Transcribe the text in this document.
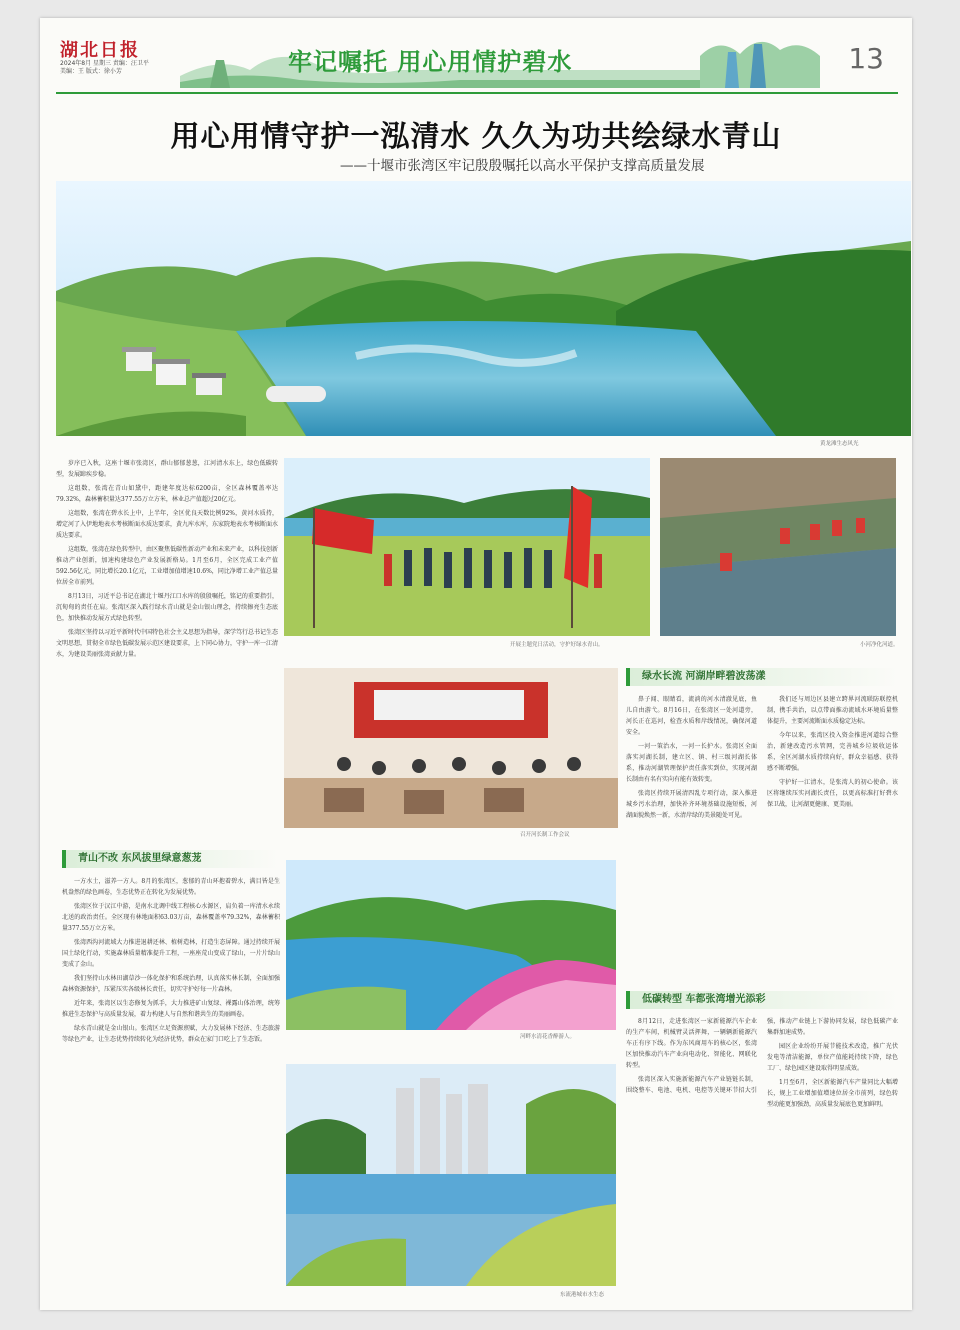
湖北日报
2024年8月 星期三 责编：汪卫平 美编：王 版式：徐小芳	牢记嘱托 用心用情护碧水	13
用心用情守护一泓清水 久久为功共绘绿水青山
——十堰市张湾区牢记殷殷嘱托以高水平保护支撑高质量发展
黄龙滩生态风光

岁序已入秋，这座十堰市张湾区，群山郁郁葱葱，江河清水东上，绿色低碳转型，发展蹄疾步稳。

这组数，张湾在青山如黛中，距建年度达标6200亩，全区森林覆盖率达79.32%，森林蓄积量达377.55万立方米，林业总产值超过20亿元。

这组数，张湾在碧水长上中，上半年，全区优良天数比例92%，黄河水质持，增定河了入伊地地表水考核断面水质达要求，黄九库水库，东家院地表水考核断面水质达要求。

这组数，张湾在绿色转型中，由区聚焦低碳性新动产业和未来产业，以科技创新推动产业创新，加速构建绿色产业发展新格局。1月至6月，全区完成工业产值592.56亿元，同比增长20.1亿元，工业增加值增速10.6%，同比净增工业产值总量位居全市前列。

8月13日，习近平总书记在湖北十堰丹江口水库的殷殷嘱托，铭记的重要指引，沉甸甸的责任在肩。张湾区深入践行绿水青山就是金山银山理念，持续擦亮生态底色，加快推动发展方式绿色转型。

张湾区坚持以习近平新时代中国特色社会主义思想为指导，深学笃行总书记生态文明思想，贯彻全市绿色低碳发展示范区建设要求，上下同心协力，守护一库一江清水，为建设美丽张湾贡献力量。

开展主题党日活动，守护好绿水青山。	小河净化河道。
召开河长制工作会议
绿水长流 河湖岸畔碧波荡漾

鼻子闻、眼睛看，流淌的河水清澈见底，鱼儿自由游弋。8月16日，在张湾区一处河道旁，河长正在巡河，检查水质和岸线情况，确保河道安全。

一河一策治水，一河一长护水。张湾区全面落实河湖长制，建立区、镇、村三级河湖长体系，推动河湖管理保护责任落实到位，实现河湖长制由有名有实向有能有效转变。

张湾区持续开展清四乱专项行动，深入推进城乡污水治理，加快补齐环境基础设施短板，河湖面貌焕然一新，水清岸绿的美景随处可见。

我们还与周边区县建立跨界河流联防联控机制，携手共治，以点带面推动流域水环境质量整体提升，主要河流断面水质稳定达标。

今年以来，张湾区投入资金推进河道综合整治，新建改造污水管网，完善城乡垃圾收运体系，全区河湖水质持续向好，群众幸福感、获得感不断增强。

守护好一江清水，是张湾人的初心使命。该区将继续压实河湖长责任，以更高标准打好碧水保卫战，让河湖更健康、更美丽。

青山不改 东风拔里绿意葱茏

一方水土，滋养一方人。8月的张湾区，葱郁的青山环抱着碧水，满目皆是生机盎然的绿色画卷，生态优势正在转化为发展优势。

张湾区位于汉江中游，是南水北调中线工程核心水源区，肩负着一库清水永续北送的政治责任。全区现有林地面积63.03万亩，森林覆盖率79.32%，森林蓄积量377.55万立方米。

张湾西沟河流域大力推进退耕还林、植树造林，打造生态屏障。通过持续开展国土绿化行动，实施森林质量精准提升工程，一座座荒山变成了绿山，一片片绿山变成了金山。

我们坚持山水林田湖草沙一体化保护和系统治理，认真落实林长制，全面加强森林资源保护，压紧压实各级林长责任，切实守护好每一片森林。

近年来，张湾区以生态修复为抓手，大力推进矿山复绿、裸露山体治理，统筹推进生态保护与高质量发展，着力构建人与自然和谐共生的美丽画卷。

绿水青山就是金山银山。张湾区立足资源禀赋，大力发展林下经济、生态旅游等绿色产业，让生态优势持续转化为经济优势，群众在家门口吃上了生态饭。	河畔水清花香醉游人。
低碳转型 车都张湾增光添彩

8月12日，走进张湾区一家新能源汽车企业的生产车间，机械臂灵活挥舞，一辆辆新能源汽车正有序下线。作为东风商用车的核心区，张湾区加快推动汽车产业向电动化、智能化、网联化转型。

张湾区深入实施新能源汽车产业链链长制，围绕整车、电池、电机、电控等关键环节招大引强，推动产业链上下游协同发展，绿色低碳产业集群加速成势。

园区企业纷纷开展节能技术改造，推广光伏发电等清洁能源，单位产值能耗持续下降，绿色工厂、绿色园区建设取得明显成效。

1月至6月，全区新能源汽车产量同比大幅增长，规上工业增加值增速位居全市前列，绿色转型动能更加强劲，高质量发展底色更加鲜明。

东流港城市水生态
